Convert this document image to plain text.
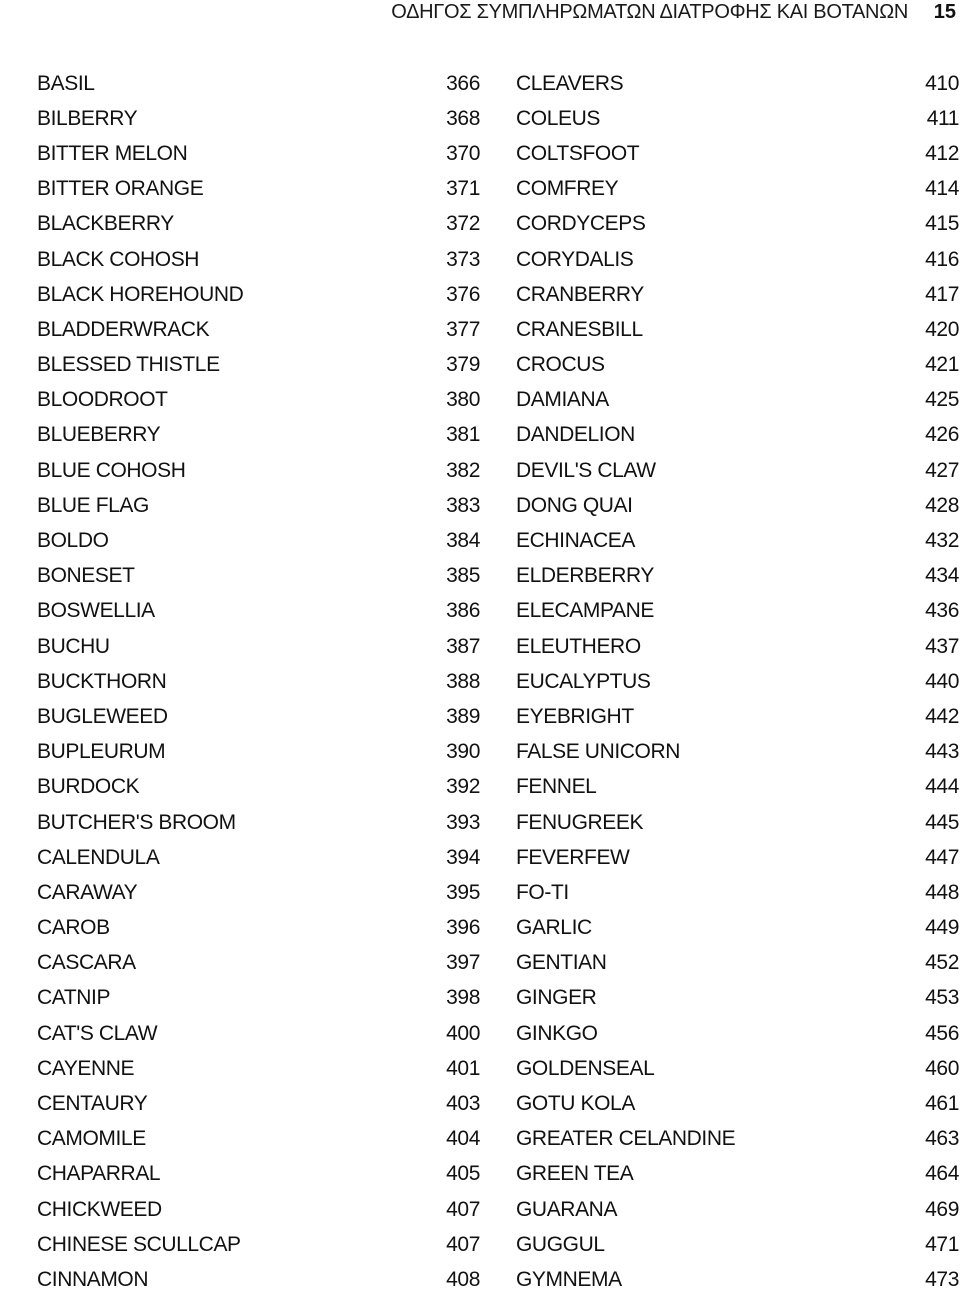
ΟΔΗΓΟΣ ΣΥΜΠΛΗΡΩΜΑΤΩΝ ΔΙΑΤΡΟΦΗΣ ΚΑΙ ΒΟΤΑΝΩΝ 15
BASIL	366
BILBERRY	368
BITTER MELON	370
BITTER ORANGE	371
BLACKBERRY	372
BLACK COHOSH	373
BLACK HOREHOUND	376
BLADDERWRACK	377
BLESSED THISTLE	379
BLOODROOT	380
BLUEBERRY	381
BLUE COHOSH	382
BLUE FLAG	383
BOLDO	384
BONESET	385
BOSWELLIA	386
BUCHU	387
BUCKTHORN	388
BUGLEWEED	389
BUPLEURUM	390
BURDOCK	392
BUTCHER'S BROOM	393
CALENDULA	394
CARAWAY	395
CAROB	396
CASCARA	397
CATNIP	398
CAT'S CLAW	400
CAYENNE	401
CENTAURY	403
CAMOMILE	404
CHAPARRAL	405
CHICKWEED	407
CHINESE SCULLCAP	407
CINNAMON	408
CLEAVERS	410
COLEUS	411
COLTSFOOT	412
COMFREY	414
CORDYCEPS	415
CORYDALIS	416
CRANBERRY	417
CRANESBILL	420
CROCUS	421
DAMIANA	425
DANDELION	426
DEVIL'S CLAW	427
DONG QUAI	428
ECHINACEA	432
ELDERBERRY	434
ELECAMPANE	436
ELEUTHERO	437
EUCALYPTUS	440
EYEBRIGHT	442
FALSE UNICORN	443
FENNEL	444
FENUGREEK	445
FEVERFEW	447
FO-TI	448
GARLIC	449
GENTIAN	452
GINGER	453
GINKGO	456
GOLDENSEAL	460
GOTU KOLA	461
GREATER CELANDINE	463
GREEN TEA	464
GUARANA	469
GUGGUL	471
GYMNEMA	473
